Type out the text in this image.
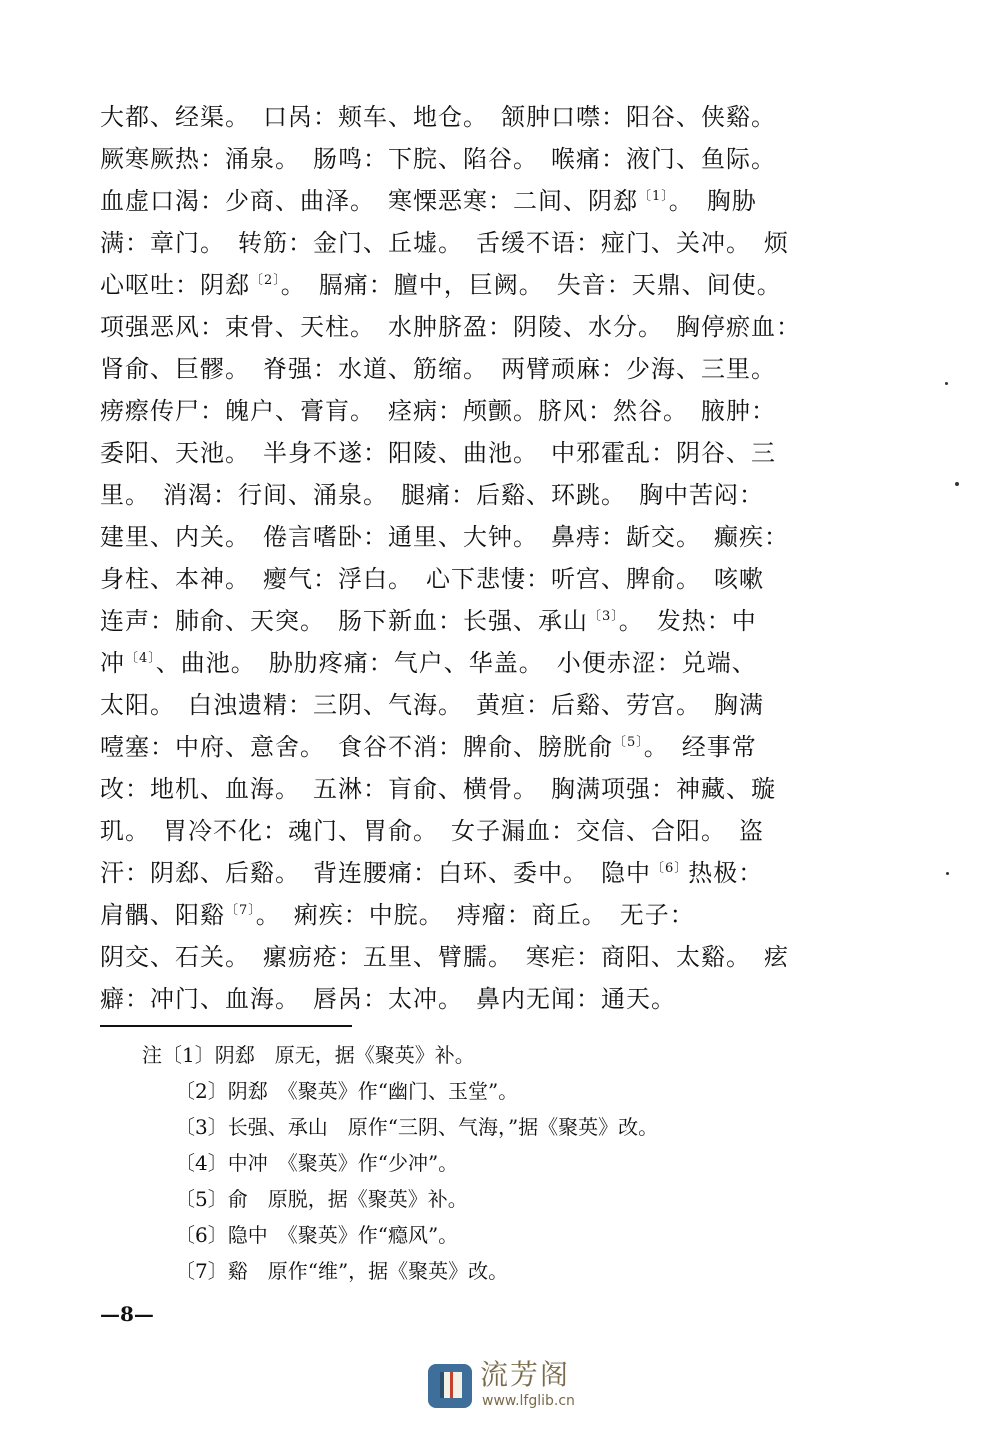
大都、经渠。　口呙：颊车、地仓。　颔肿口噤：阳谷、侠谿。
厥寒厥热：涌泉。　肠鸣：下脘、陷谷。　喉痛：液门、鱼际。
血虚口渴：少商、曲泽。　寒慄恶寒：二间、阴郄$^{〔1〕}$。　胸胁
满：章门。　转筋：金门、丘墟。　舌缓不语：痖门、关冲。　烦
心呕吐：阴郄$^{〔2〕}$。　膈痛：膻中，巨阙。　失音：天鼎、间使。
项强恶风：束骨、天柱。　水肿脐盈：阴陵、水分。　胸停瘀血：
肾俞、巨髎。　脊强：水道、筋缩。　两臂顽麻：少海、三里。
痨瘵传尸：魄户、膏肓。　痉病：颅颤。脐风：然谷。　腋肿：
委阳、天池。　半身不遂：阳陵、曲池。　中邪霍乱：阴谷、三
里。　消渴：行间、涌泉。　腿痛：后谿、环跳。　胸中苦闷：
建里、内关。　倦言嗜卧：通里、大钟。　鼻痔：龂交。　癫疾：
身柱、本神。　瘿气：浮白。　心下悲悽：听宫、脾俞。　咳嗽
连声：肺俞、天突。　肠下新血：长强、承山$^{〔3〕}$。　发热：中
冲$^{〔4〕}$、曲池。　胁肋疼痛：气户、华盖。　小便赤涩：兑端、
太阳。　白浊遗精：三阴、气海。　黄疸：后谿、劳宫。　胸满
噎塞：中府、意舍。　食谷不消：脾俞、膀胱俞$^{〔5〕}$。　经事常
改：地机、血海。　五淋：肓俞、横骨。　胸满项强：神藏、璇
玑。　胃冷不化：魂门、胃俞。　女子漏血：交信、合阳。　盗
汗：阴郄、后谿。　背连腰痛：白环、委中。　隐中$^{〔6〕}$热极：
肩髃、阳谿$^{〔7〕}$。　痢疾：中脘。　痔瘤：商丘。　无子：
阴交、石关。　瘰疬疮：五里、臂臑。　寒疟：商阳、太谿。　痃
癖：冲门、血海。　唇呙：太冲。　鼻内无闻：通天。
注〔1〕阴郄　原无，据《聚英》补。
〔2〕阴郄　《聚英》作“幽门、玉堂”。
〔3〕长强、承山　原作“三阴、气海，”据《聚英》改。
〔4〕中冲　《聚英》作“少冲”。
〔5〕俞　原脱，据《聚英》补。
〔6〕隐中　《聚英》作“瘾风”。
〔7〕谿　原作“维”，据《聚英》改。
—8—
流芳阁
www.lfglib.cn
